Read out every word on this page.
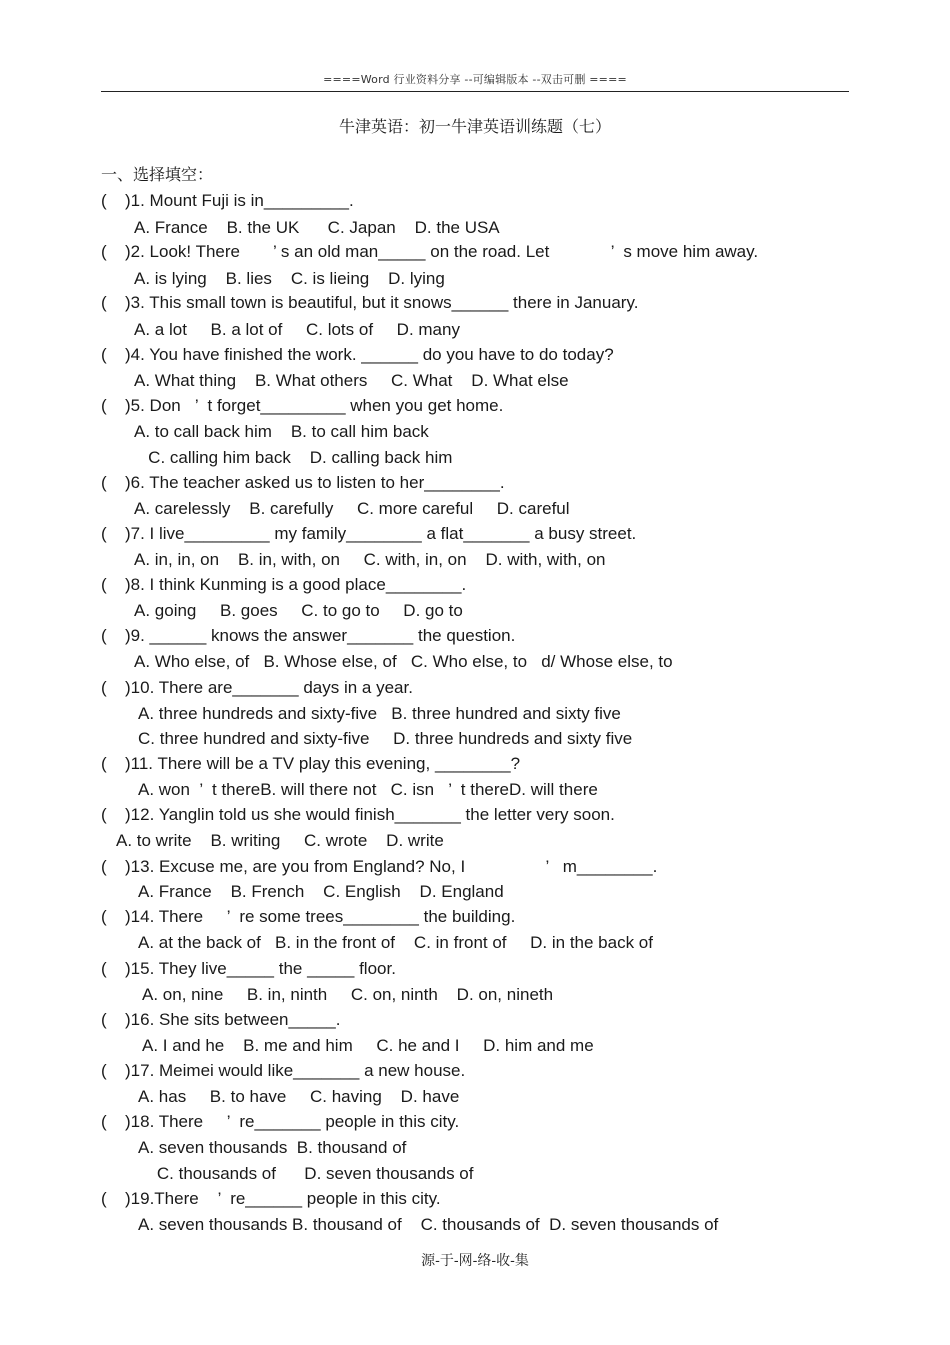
====Word 行业资料分享 --可编辑版本 --双击可删 ====
牛津英语：初一牛津英语训练题（七）
一、选择填空：
( )1. Mount Fuji is in_________.
A. France    B. the UK      C. Japan    D. the USA
( )2. Look! There       ’ s an old man_____ on the road. Let             ’  s move him away.
A. is lying    B. lies    C. is lieing    D. lying
( )3. This small town is beautiful, but it snows______ there in January.
A. a lot     B. a lot of     C. lots of     D. many
( )4. You have finished the work. ______ do you have to do today?
A. What thing    B. What others     C. What    D. What else
( )5. Don   ’  t forget_________ when you get home.
A. to call back him    B. to call him back
C. calling him back    D. calling back him
( )6. The teacher asked us to listen to her________.
A. carelessly    B. carefully     C. more careful     D. careful
( )7. I live_________ my family________ a flat_______ a busy street.
A. in, in, on    B. in, with, on     C. with, in, on    D. with, with, on
( )8. I think Kunming is a good place________.
A. going     B. goes     C. to go to     D. go to
( )9. ______ knows the answer_______ the question.
A. Who else, of   B. Whose else, of   C. Who else, to   d/ Whose else, to
( )10. There are_______ days in a year.
A. three hundreds and sixty-five   B. three hundred and sixty five
C. three hundred and sixty-five     D. three hundreds and sixty five
( )11. There will be a TV play this evening, ________?
A. won  ’  t thereB. will there not   C. isn   ’  t thereD. will there
( )12. Yanglin told us she would finish_______ the letter very soon.
A. to write    B. writing     C. wrote    D. write
( )13. Excuse me, are you from England? No, I                 ’   m________.
A. France    B. French    C. English    D. England
( )14. There     ’  re some trees________ the building.
A. at the back of   B. in the front of    C. in front of     D. in the back of
( )15. They live_____ the _____ floor.
A. on, nine     B. in, ninth     C. on, ninth    D. on, nineth
( )16. She sits between_____.
A. I and he    B. me and him     C. he and I     D. him and me
( )17. Meimei would like_______ a new house.
A. has     B. to have     C. having    D. have
( )18. There     ’  re_______ people in this city.
A. seven thousands  B. thousand of
C. thousands of      D. seven thousands of
( )19.There    ’  re______ people in this city.
A. seven thousands B. thousand of    C. thousands of  D. seven thousands of
源-于-网-络-收-集
